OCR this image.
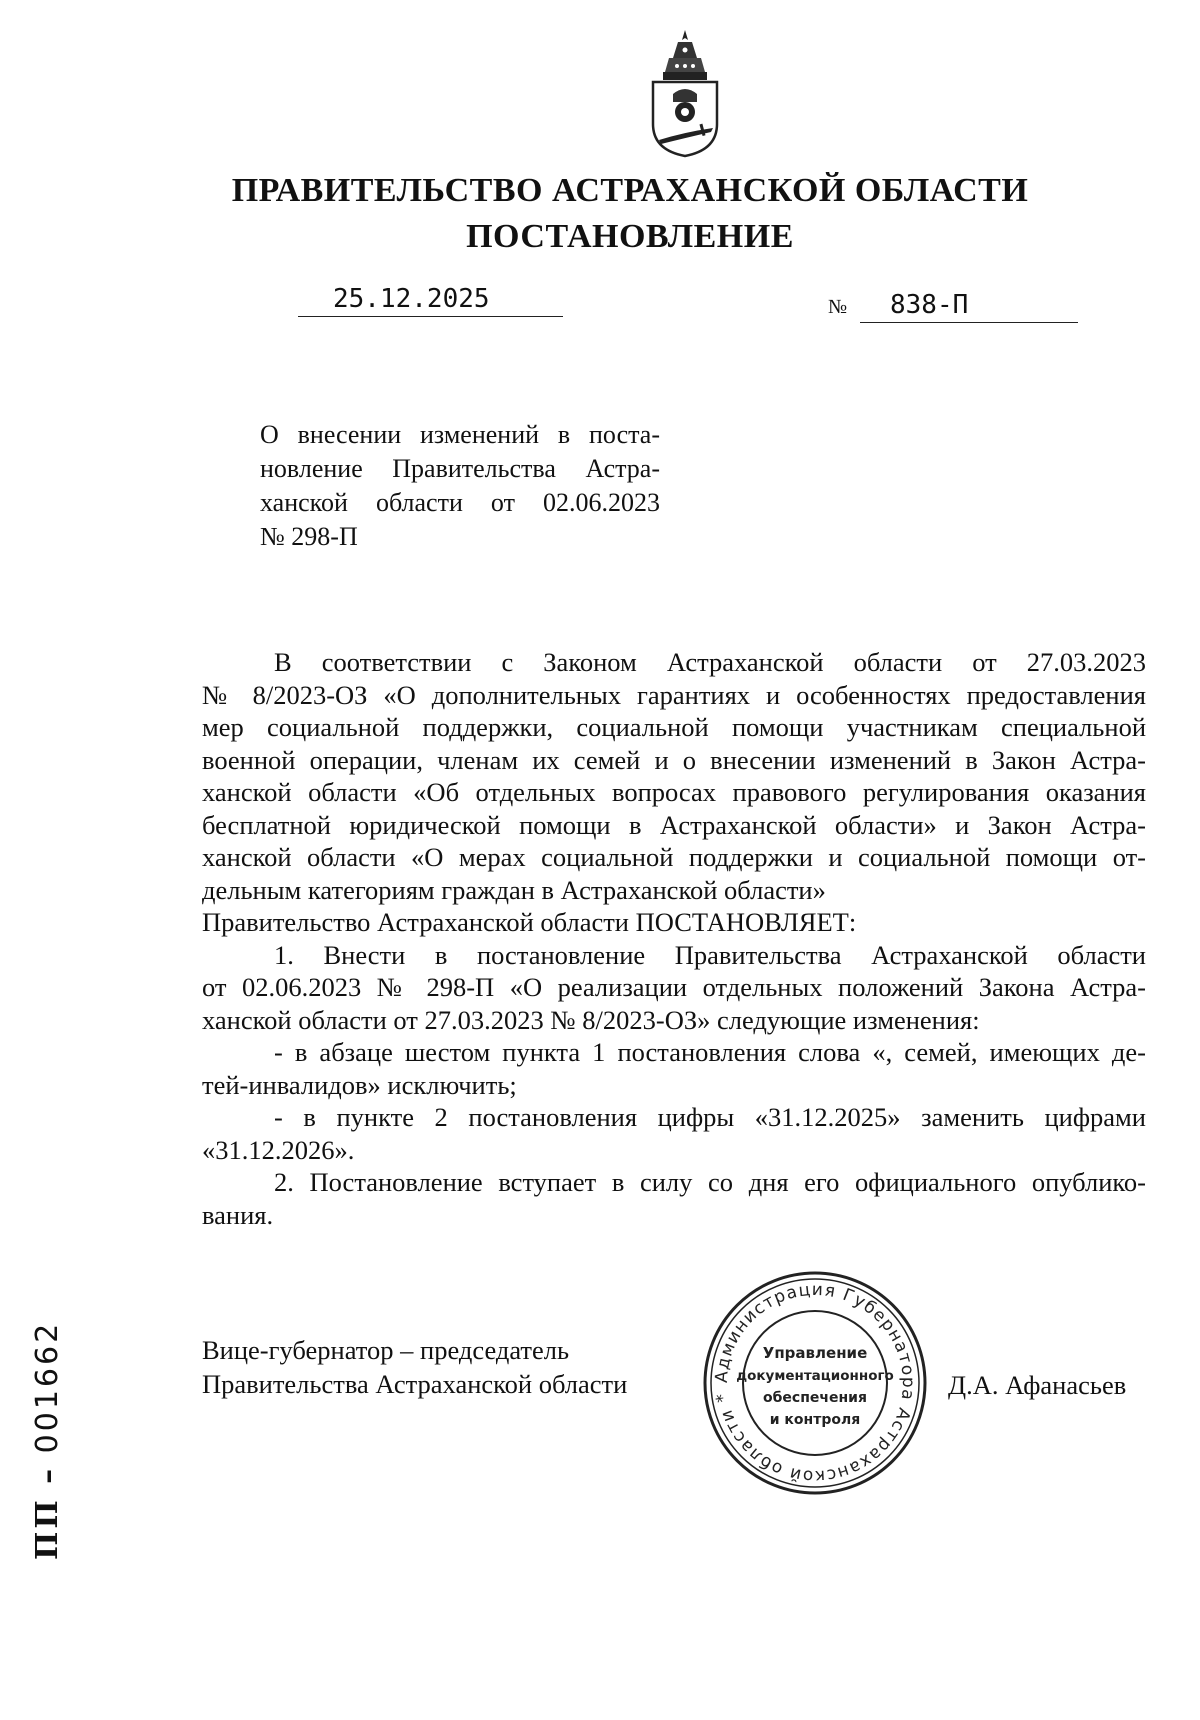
ПРАВИТЕЛЬСТВО АСТРАХАНСКОЙ ОБЛАСТИ
ПОСТАНОВЛЕНИЕ
25.12.2025	№	838-П
О внесении изменений в поста-
новление Правительства Астра-
ханской области от 02.06.2023
№ 298-П
В соответствии с Законом Астраханской области от 27.03.2023
№ 8/2023-ОЗ «О дополнительных гарантиях и особенностях предоставления
мер социальной поддержки, социальной помощи участникам специальной
военной операции, членам их семей и о внесении изменений в Закон Астра-
ханской области «Об отдельных вопросах правового регулирования оказания
бесплатной юридической помощи в Астраханской области» и Закон Астра-
ханской области «О мерах социальной поддержки и социальной помощи от-
дельным категориям граждан в Астраханской области»
Правительство Астраханской области ПОСТАНОВЛЯЕТ:
1. Внести в постановление Правительства Астраханской области
от 02.06.2023 № 298-П «О реализации отдельных положений Закона Астра-
ханской области от 27.03.2023 № 8/2023-ОЗ» следующие изменения:
- в абзаце шестом пункта 1 постановления слова «, семей, имеющих де-
тей-инвалидов» исключить;
- в пункте 2 постановления цифры «31.12.2025» заменить цифрами
«31.12.2026».
2. Постановление вступает в силу со дня его официального опублико-
вания.
Вице-губернатор – председатель
Правительства Астраханской области	Д.А. Афанасьев
Администрация Губернатора Астраханской области *
Управление
документационного
обеспечения
и контроля
ПП – 001662
